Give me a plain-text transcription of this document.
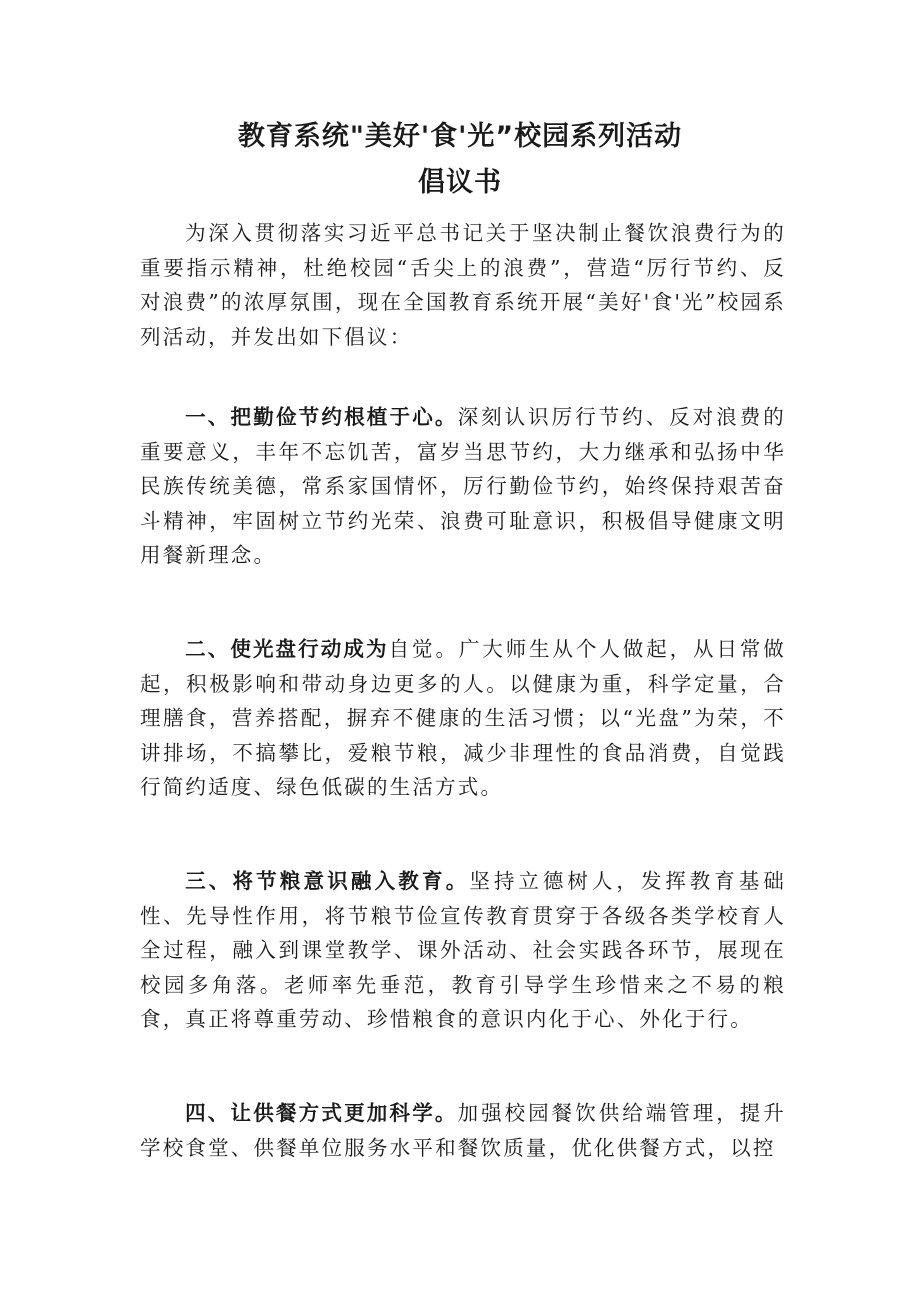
教育系统"美好'食'光”校园系列活动
倡议书

为深入贯彻落实习近平总书记关于坚决制止餐饮浪费行为的重要指示精神，杜绝校园“舌尖上的浪费”，营造“厉行节约、反对浪费”的浓厚氛围，现在全国教育系统开展“美好'食'光”校园系列活动，并发出如下倡议：

一、把勤俭节约根植于心。深刻认识厉行节约、反对浪费的重要意义，丰年不忘饥苦，富岁当思节约，大力继承和弘扬中华民族传统美德，常系家国情怀，厉行勤俭节约，始终保持艰苦奋斗精神，牢固树立节约光荣、浪费可耻意识，积极倡导健康文明用餐新理念。

二、使光盘行动成为自觉。广大师生从个人做起，从日常做起，积极影响和带动身边更多的人。以健康为重，科学定量，合理膳食，营养搭配，摒弃不健康的生活习惯；以“光盘”为荣，不讲排场，不搞攀比，爱粮节粮，减少非理性的食品消费，自觉践行简约适度、绿色低碳的生活方式。

三、将节粮意识融入教育。坚持立德树人，发挥教育基础性、先导性作用，将节粮节俭宣传教育贯穿于各级各类学校育人全过程，融入到课堂教学、课外活动、社会实践各环节，展现在校园多角落。老师率先垂范，教育引导学生珍惜来之不易的粮食，真正将尊重劳动、珍惜粮食的意识内化于心、外化于行。

四、让供餐方式更加科学。加强校园餐饮供给端管理，提升学校食堂、供餐单位服务水平和餐饮质量，优化供餐方式，以控
